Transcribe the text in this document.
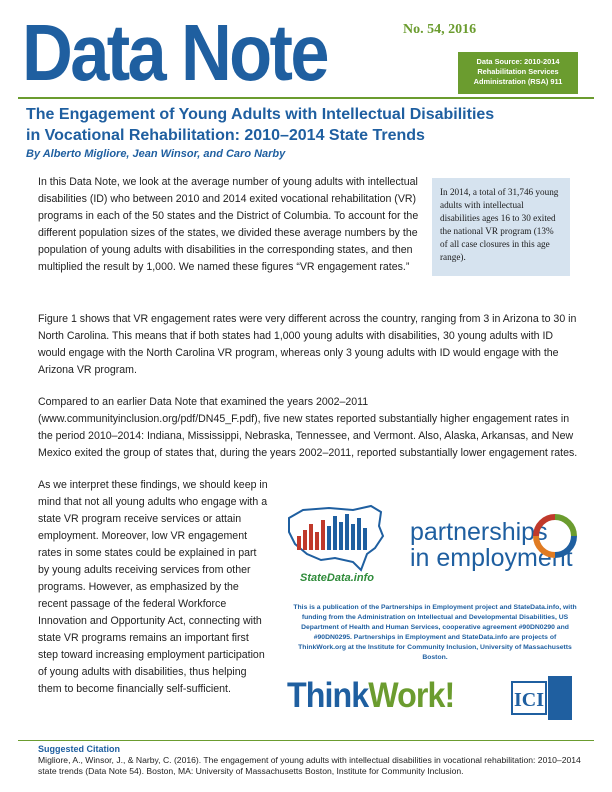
Data Note	No. 54, 2016
Data Source: 2010-2014 Rehabilitation Services Administration (RSA) 911
The Engagement of Young Adults with Intellectual Disabilities in Vocational Rehabilitation: 2010–2014 State Trends
By Alberto Migliore, Jean Winsor, and Caro Narby

In this Data Note, we look at the average number of young adults with intellectual disabilities (ID) who between 2010 and 2014 exited vocational rehabilitation (VR) programs in each of the 50 states and the District of Columbia. To account for the different population sizes of the states, we divided these average numbers by the population of young adults with disabilities in the corresponding states, and then multiplied the result by 1,000. We named these figures “VR engagement rates.”

In 2014, a total of 31,746 young adults with intellectual disabilities ages 16 to 30 exited the national VR program (13% of all case closures in this age range).

Figure 1 shows that VR engagement rates were very different across the country, ranging from 3 in Arizona to 30 in North Carolina. This means that if both states had 1,000 young adults with disabilities, 30 young adults with ID would engage with the North Carolina VR program, whereas only 3 young adults with ID would engage with the Arizona VR program.

Compared to an earlier Data Note that examined the years 2002–2011 (www.communityinclusion.org/pdf/DN45_F.pdf), five new states reported substantially higher engagement rates in the period 2010–2014: Indiana, Mississippi, Nebraska, Tennessee, and Vermont. Also, Alaska, Arkansas, and New Mexico exited the group of states that, during the years 2002–2011, reported substantially lower engagement rates.

As we interpret these findings, we should keep in mind that not all young adults who engage with a state VR program receive services or attain employment. Moreover, low VR engagement rates in some states could be explained in part by young adults receiving services from other programs. However, as emphasized by the recent passage of the federal Workforce Innovation and Opportunity Act, connecting with state VR programs remains an important first step toward increasing employment participation of young adults with disabilities, thus helping them to become financially self-sufficient.

StateData.info
partnerships
in employment

This is a publication of the Partnerships in Employment project and StateData.info, with funding from the Administration on Intellectual and Developmental Disabilities, US Department of Health and Human Services, cooperative agreement #90DN0290 and #90DN0295. Partnerships in Employment and StateData.info are projects of ThinkWork.org at the Institute for Community Inclusion, University of Massachusetts Boston.

ThinkWork!	ICI
Suggested Citation
Migliore, A., Winsor, J., & Narby, C. (2016). The engagement of young adults with intellectual disabilities in vocational rehabilitation: 2010–2014 state trends (Data Note 54). Boston, MA: University of Massachusetts Boston, Institute for Community Inclusion.
